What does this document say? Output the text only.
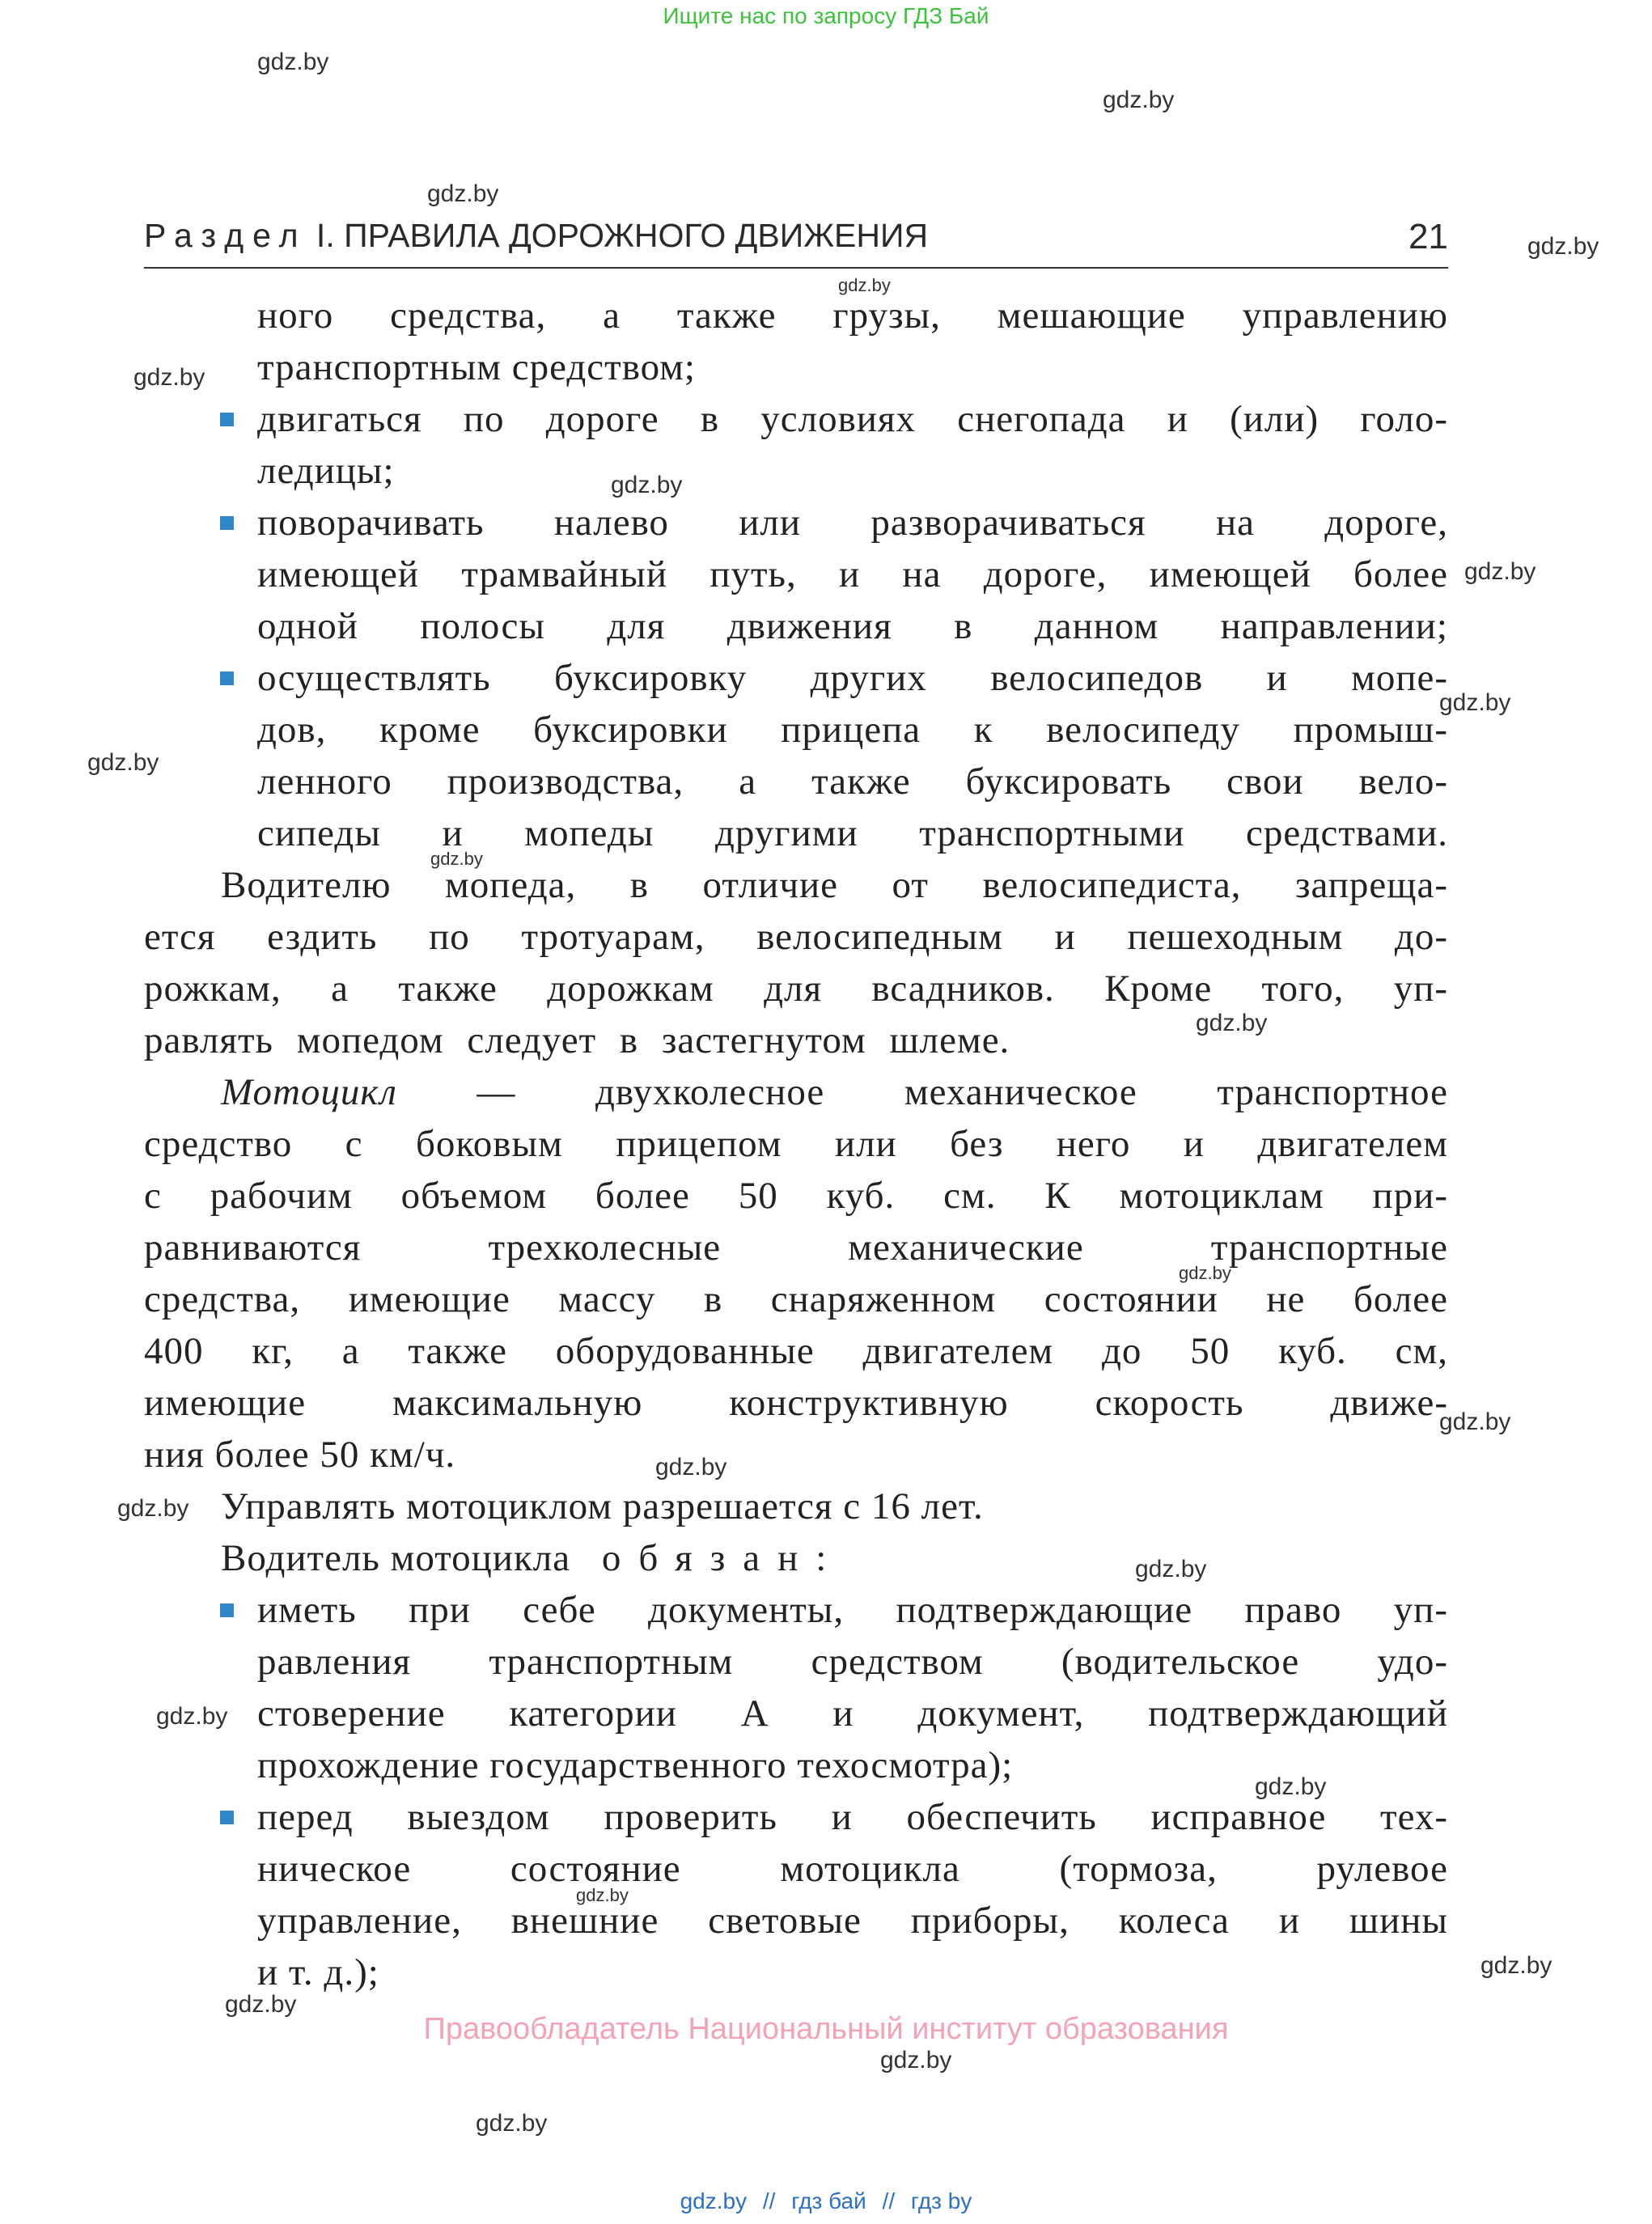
Ищите нас по запросу ГДЗ Бай
gdz.by
gdz.by
gdz.by
gdz.by
gdz.by
gdz.by
gdz.by
gdz.by
gdz.by
gdz.by
gdz.by
gdz.by
gdz.by
gdz.by
gdz.by
gdz.by
gdz.by
gdz.by
gdz.by
gdz.by
gdz.by
gdz.by
gdz.by
gdz.by
Раздел I. ПРАВИЛА ДОРОЖНОГО ДВИЖЕНИЯ	21
ного средства, а также грузы, мешающие управлению
транспортным средством;
двигаться по дороге в условиях снегопада и (или) голо-
ледицы;
поворачивать налево или разворачиваться на дороге,
имеющей трамвайный путь, и на дороге, имеющей более
одной полосы для движения в данном направлении;
осуществлять буксировку других велосипедов и мопе-
дов, кроме буксировки прицепа к велосипеду промыш-
ленного производства, а также буксировать свои вело-
сипеды и мопеды другими транспортными средствами.
Водителю мопеда, в отличие от велосипедиста, запреща-
ется ездить по тротуарам, велосипедным и пешеходным до-
рожкам, а также дорожкам для всадников. Кроме того, уп-
равлять мопедом следует в застегнутом шлеме.
Мотоцикл — двухколесное механическое транспортное
средство с боковым прицепом или без него и двигателем
с рабочим объемом более 50 куб. см. К мотоциклам при-
равниваются трехколесные механические транспортные
средства, имеющие массу в снаряженном состоянии не более
400 кг, а также оборудованные двигателем до 50 куб. см,
имеющие максимальную конструктивную скорость движе-
ния более 50 км/ч.
Управлять мотоциклом разрешается с 16 лет.
Водитель мотоцикла обязан:
иметь при себе документы, подтверждающие право уп-
равления транспортным средством (водительское удо-
стоверение категории А и документ, подтверждающий
прохождение государственного техосмотра);
перед выездом проверить и обеспечить исправное тех-
ническое состояние мотоцикла (тормоза, рулевое
управление, внешние световые приборы, колеса и шины
и т. д.);
Правообладатель Национальный институт образования
gdz.by // гдз бай // гдз by
